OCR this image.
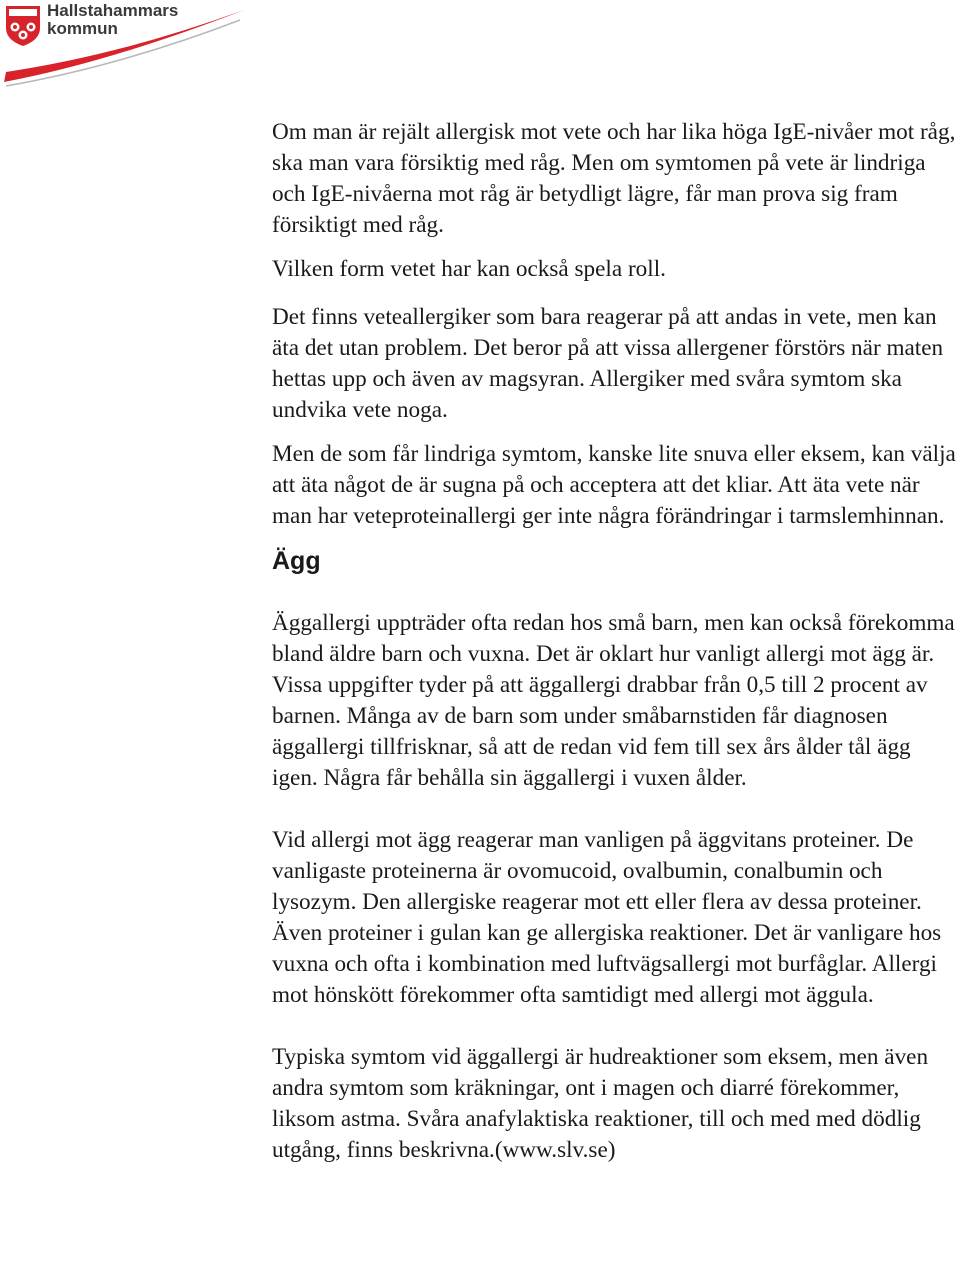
Hallstahammars
kommun

Om man är rejält allergisk mot vete och har lika höga IgE-nivåer mot råg, ska man vara försiktig med råg. Men om symtomen på vete är lindriga och IgE-nivåerna mot råg är betydligt lägre, får man prova sig fram försiktigt med råg.

Vilken form vetet har kan också spela roll.

Det finns veteallergiker som bara reagerar på att andas in vete, men kan äta det utan problem. Det beror på att vissa allergener förstörs när maten hettas upp och även av magsyran. Allergiker med svåra symtom ska undvika vete noga.

Men de som får lindriga symtom, kanske lite snuva eller eksem, kan välja att äta något de är sugna på och acceptera att det kliar. Att äta vete när man har veteproteinallergi ger inte några förändringar i tarmslemhinnan.

Ägg

Äggallergi uppträder ofta redan hos små barn, men kan också förekomma bland äldre barn och vuxna. Det är oklart hur vanligt allergi mot ägg är. Vissa uppgifter tyder på att äggallergi drabbar från 0,5 till 2 procent av barnen. Många av de barn som under småbarnstiden får diagnosen äggallergi tillfrisknar, så att de redan vid fem till sex års ålder tål ägg igen. Några får behålla sin äggallergi i vuxen ålder.

Vid allergi mot ägg reagerar man vanligen på äggvitans proteiner. De vanligaste proteinerna är ovomucoid, ovalbumin, conalbumin och lysozym. Den allergiske reagerar mot ett eller flera av dessa proteiner. Även proteiner i gulan kan ge allergiska reaktioner. Det är vanligare hos vuxna och ofta i kombination med luftvägsallergi mot burfåglar. Allergi mot hönskött förekommer ofta samtidigt med allergi mot äggula.

Typiska symtom vid äggallergi är hudreaktioner som eksem, men även andra symtom som kräkningar, ont i magen och diarré förekommer, liksom astma. Svåra anafylaktiska reaktioner, till och med med dödlig utgång, finns beskrivna.(www.slv.se)
